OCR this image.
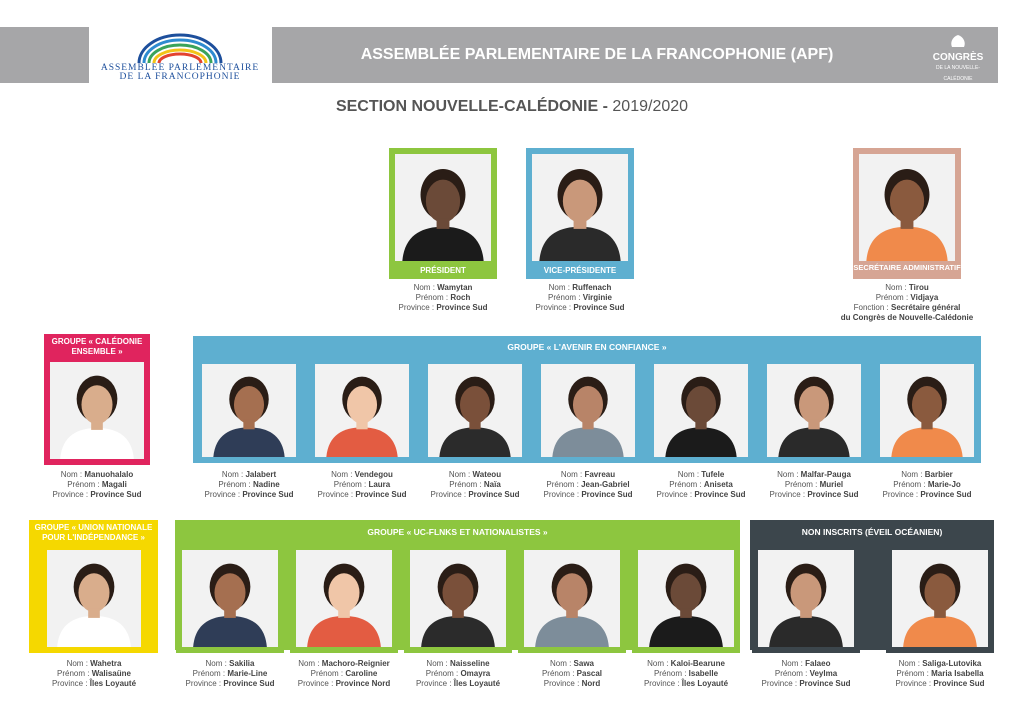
ASSEMBLEE PARLEMENTAIRE
DE LA FRANCOPHONIE
ASSEMBLÉE PARLEMENTAIRE DE LA FRANCOPHONIE (APF)	CONGRÈS
DE LA NOUVELLE-CALÉDONIE
SECTION NOUVELLE-CALÉDONIE - 2019/2020
GROUPE « L'AVENIR EN CONFIANCE »
GROUPE « UC-FLNKS ET NATIONALISTES »	NON INSCRITS (ÉVEIL OCÉANIEN)
PRÉSIDENT
Nom : Wamytan
Prénom : Roch
Province : Province Sud
VICE-PRÉSIDENTE
Nom : Ruffenach
Prénom : Virginie
Province : Province Sud
SECRÉTAIRE ADMINISTRATIF
Nom : Tirou
Prénom : Vidjaya
Fonction : Secrétaire général
du Congrès de Nouvelle-Calédonie
GROUPE « CALÉDONIE ENSEMBLE »
Nom : Manuohalalo
Prénom : Magali
Province : Province Sud
Nom : Jalabert
Prénom : Nadine
Province : Province Sud
Nom : Vendegou
Prénom : Laura
Province : Province Sud
Nom : Wateou
Prénom : Naïa
Province : Province Sud
Nom : Favreau
Prénom : Jean-Gabriel
Province : Province Sud
Nom : Tufele
Prénom : Aniseta
Province : Province Sud
Nom : Malfar-Pauga
Prénom : Muriel
Province : Province Sud
Nom : Barbier
Prénom : Marie-Jo
Province : Province Sud
GROUPE « UNION NATIONALE POUR L'INDÉPENDANCE »
Nom : Wahetra
Prénom : Walisaüne
Province : Îles Loyauté
Nom : Sakilia
Prénom : Marie-Line
Province : Province Sud
Nom : Machoro-Reignier
Prénom : Caroline
Province : Province Nord
Nom : Naisseline
Prénom : Omayra
Province : Îles Loyauté
Nom : Sawa
Prénom : Pascal
Province : Nord
Nom : Kaloi-Bearune
Prénom : Isabelle
Province : Îles Loyauté
Nom : Falaeo
Prénom : Veylma
Province : Province Sud
Nom : Saliga-Lutovika
Prénom : Maria Isabella
Province : Province Sud
